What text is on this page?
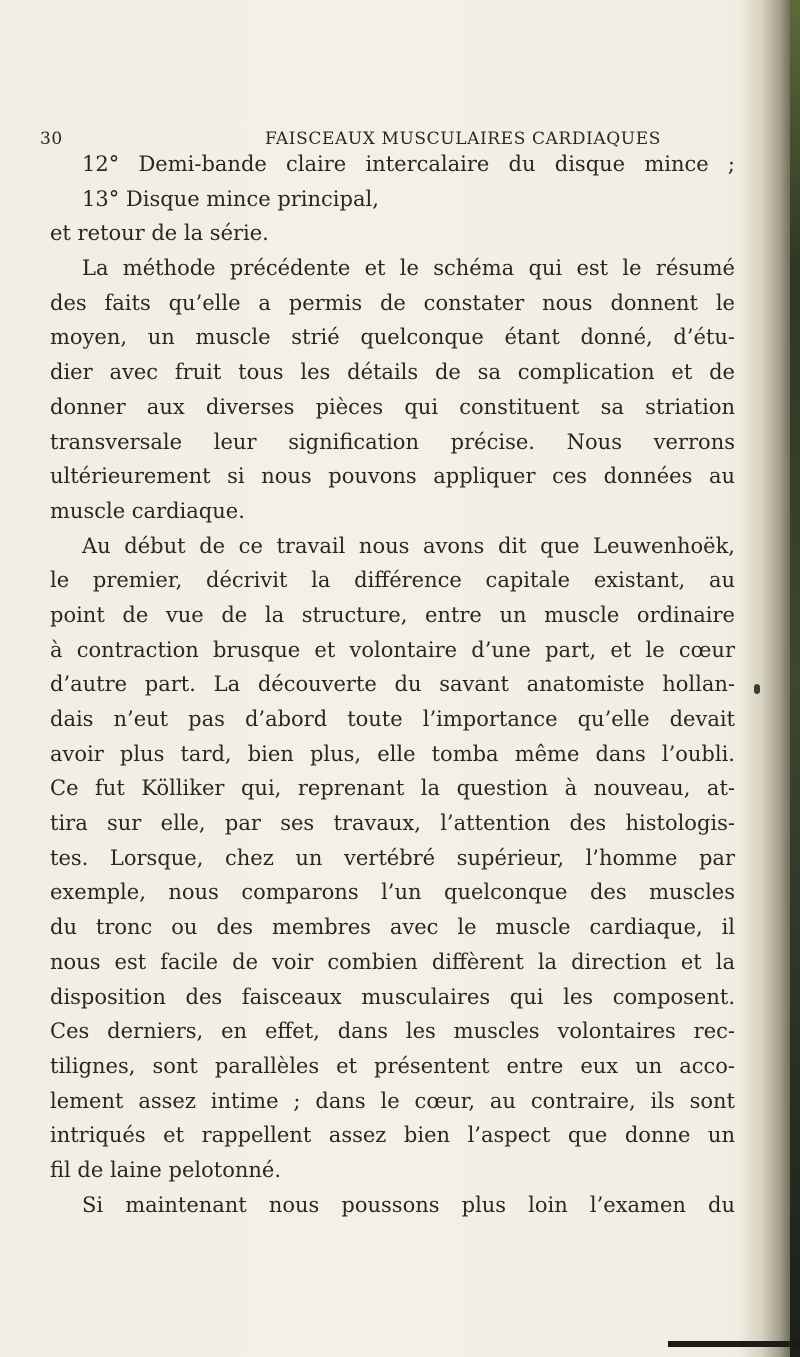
30	FAISCEAUX MUSCULAIRES CARDIAQUES
12° Demi-bande claire intercalaire du disque mince ;
13° Disque mince principal,
et retour de la série.
La méthode précédente et le schéma qui est le résumé
des faits qu’elle a permis de constater nous donnent le
moyen, un muscle strié quelconque étant donné, d’étu-
dier avec fruit tous les détails de sa complication et de
donner aux diverses pièces qui constituent sa striation
transversale leur signification précise. Nous verrons
ultérieurement si nous pouvons appliquer ces données au
muscle cardiaque.
Au début de ce travail nous avons dit que Leuwenhoëk,
le premier, décrivit la différence capitale existant, au
point de vue de la structure, entre un muscle ordinaire
à contraction brusque et volontaire d’une part, et le cœur
d’autre part. La découverte du savant anatomiste hollan-
dais n’eut pas d’abord toute l’importance qu’elle devait
avoir plus tard, bien plus, elle tomba même dans l’oubli.
Ce fut Kölliker qui, reprenant la question à nouveau, at-
tira sur elle, par ses travaux, l’attention des histologis-
tes. Lorsque, chez un vertébré supérieur, l’homme par
exemple, nous comparons l’un quelconque des muscles
du tronc ou des membres avec le muscle cardiaque, il
nous est facile de voir combien diffèrent la direction et la
disposition des faisceaux musculaires qui les composent.
Ces derniers, en effet, dans les muscles volontaires rec-
tilignes, sont parallèles et présentent entre eux un acco-
lement assez intime ; dans le cœur, au contraire, ils sont
intriqués et rappellent assez bien l’aspect que donne un
fil de laine pelotonné.
Si maintenant nous poussons plus loin l’examen du
